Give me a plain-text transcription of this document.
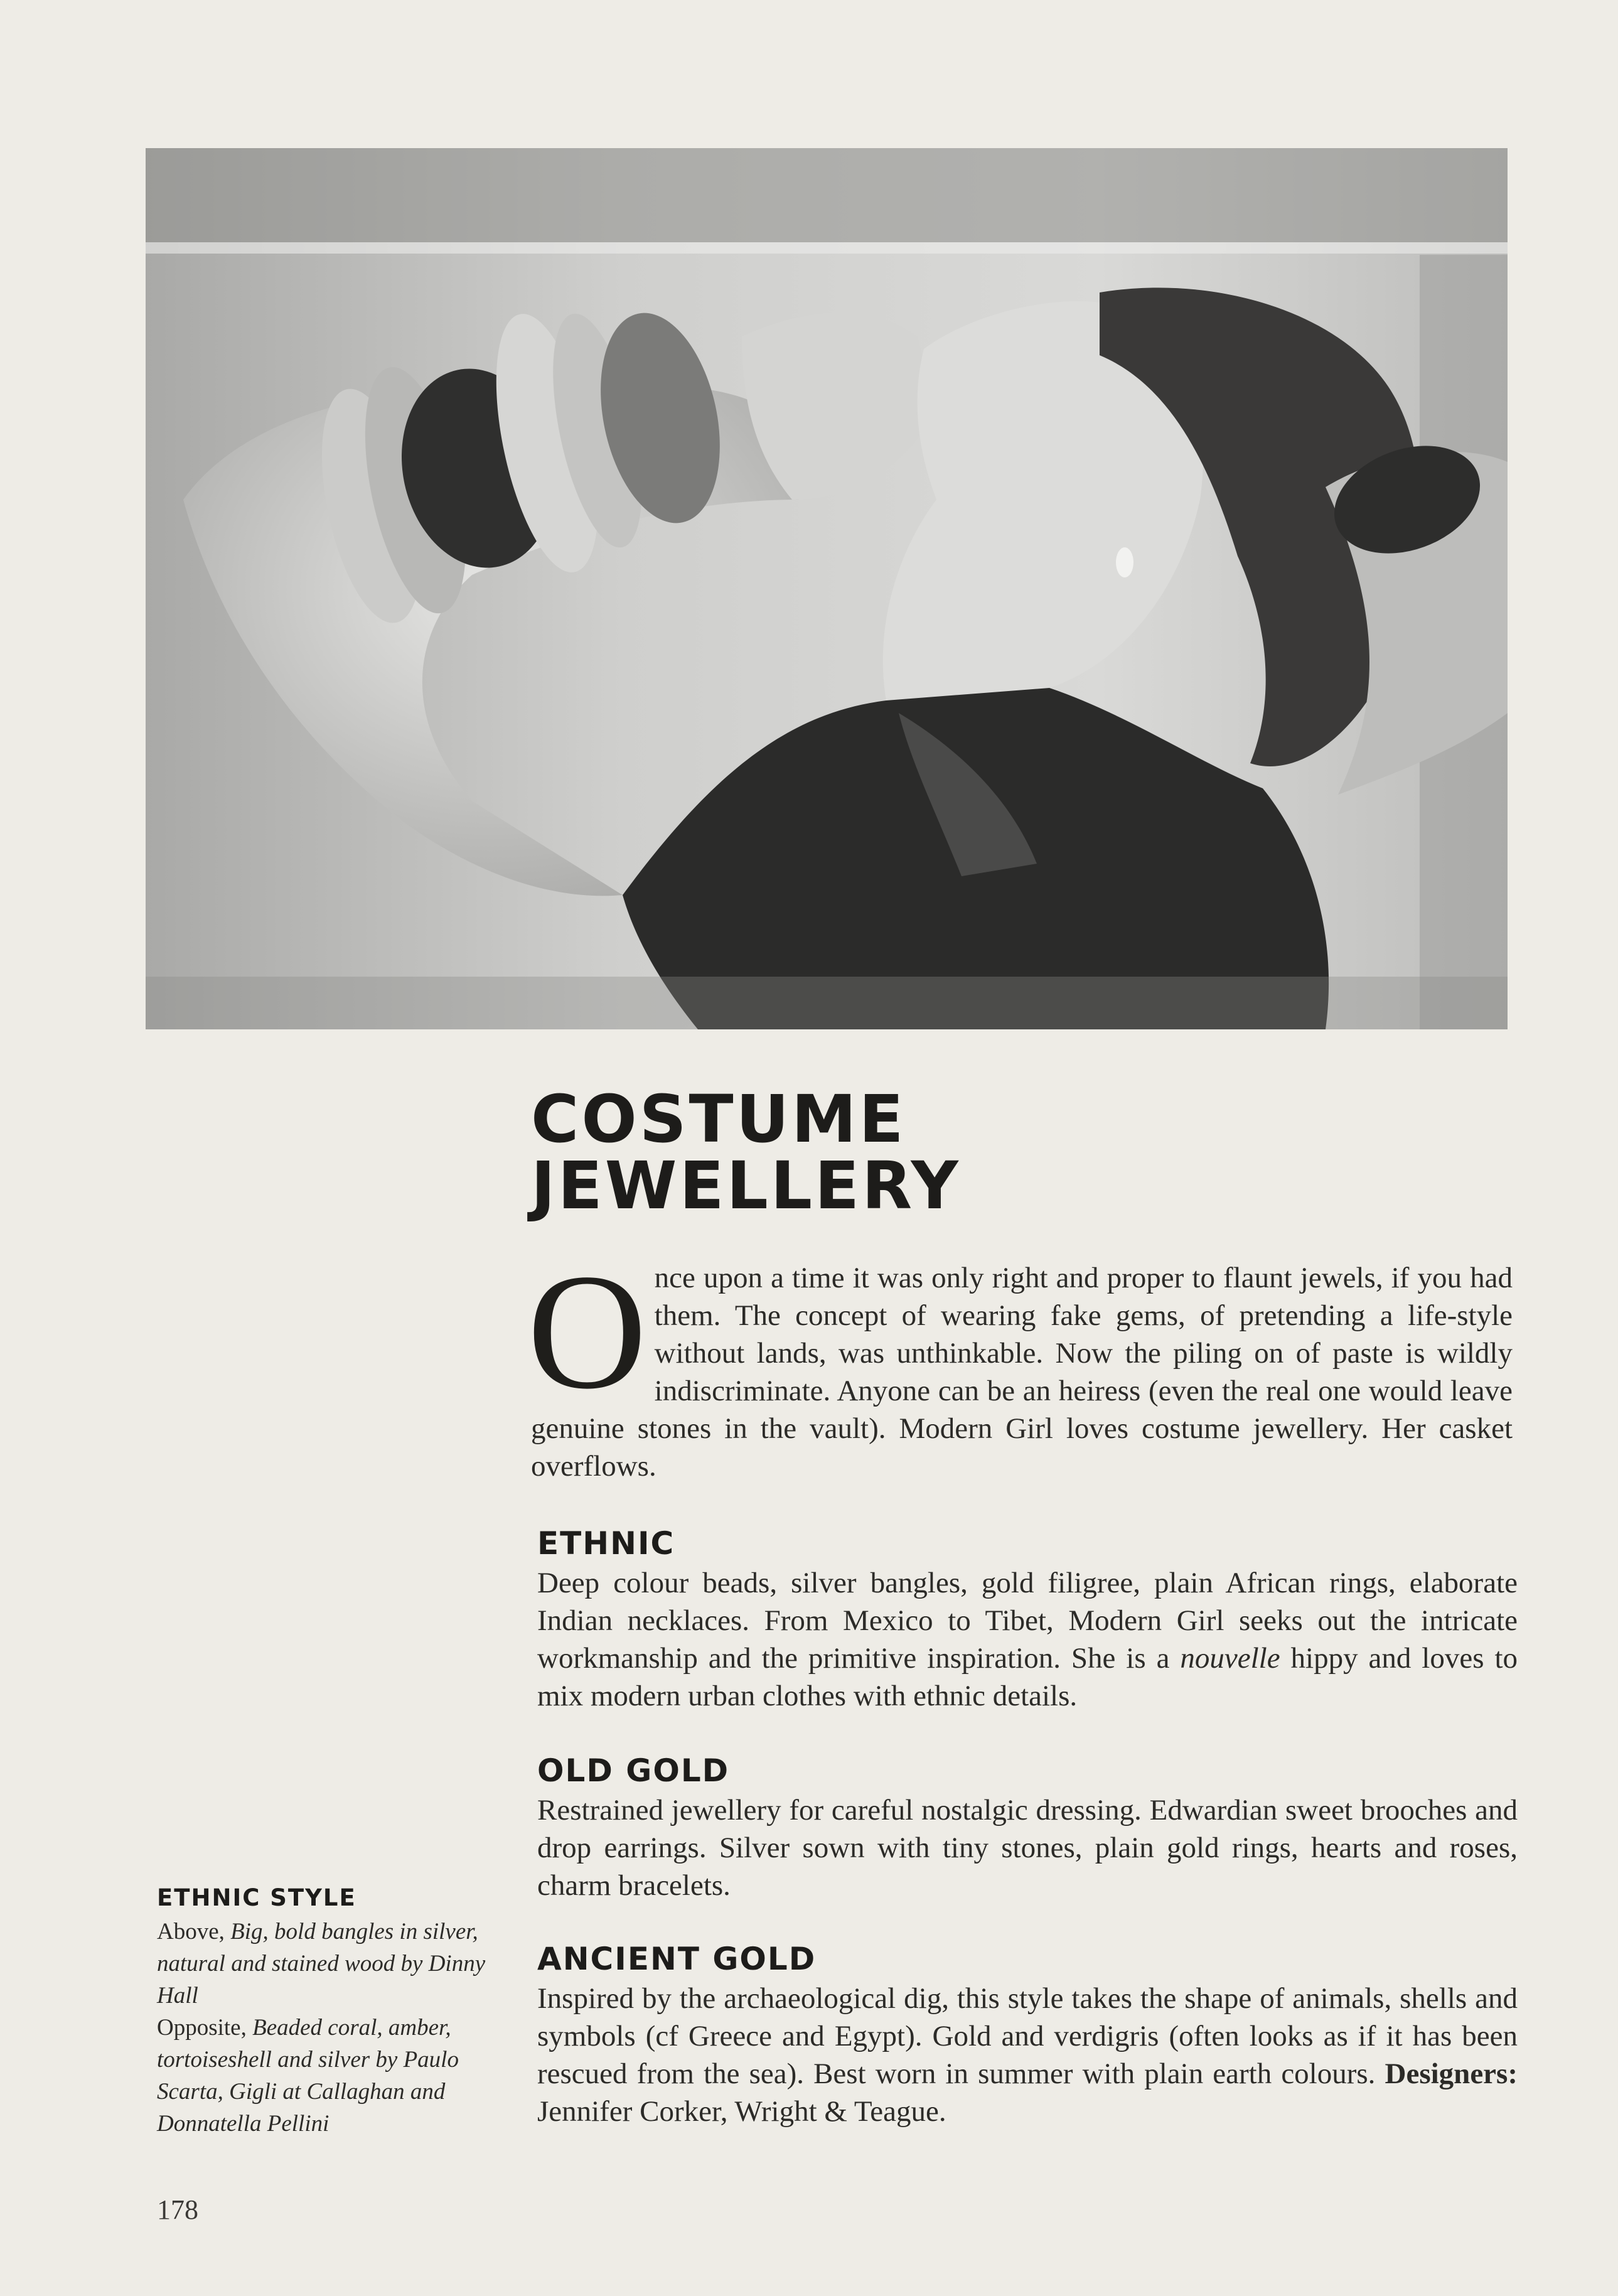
COSTUME
JEWELLERY

Once upon a time it was only right and proper to flaunt jewels, if you had them. The concept of wearing fake gems, of pretending a life-style without lands, was unthinkable. Now the piling on of paste is wildly indiscriminate. Anyone can be an heiress (even the real one would leave genuine stones in the vault). Modern Girl loves costume jewellery. Her casket overflows.

ETHNIC

Deep colour beads, silver bangles, gold filigree, plain African rings, elaborate Indian necklaces. From Mexico to Tibet, Modern Girl seeks out the intricate workmanship and the primitive inspiration. She is a nouvelle hippy and loves to mix modern urban clothes with ethnic details.

OLD GOLD

Restrained jewellery for careful nostalgic dressing. Edwardian sweet brooches and drop earrings. Silver sown with tiny stones, plain gold rings, hearts and roses, charm bracelets.

ANCIENT GOLD

Inspired by the archaeological dig, this style takes the shape of animals, shells and symbols (cf Greece and Egypt). Gold and verdigris (often looks as if it has been rescued from the sea). Best worn in summer with plain earth colours. Designers: Jennifer Corker, Wright & Teague.

ETHNIC STYLE

Above, Big, bold bangles in silver, natural and stained wood by Dinny Hall

Opposite, Beaded coral, amber, tortoiseshell and silver by Paulo Scarta, Gigli at Callaghan and Donnatella Pellini

178
